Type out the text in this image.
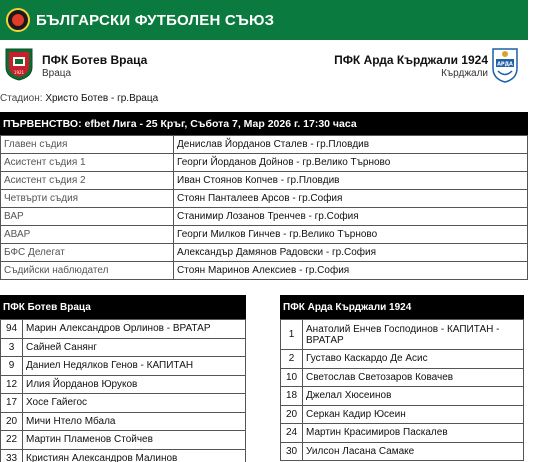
БЪЛГАРСКИ ФУТБОЛЕН СЪЮЗ
1921
ПФК Ботев Враца
Враца
ПФК Арда Кърджали 1924
Кърджали
АРДА
Стадион: Христо Ботев - гр.Враца
ПЪРВЕНСТВО:
efbet Лига - 25 Кръг, Събота 7, Мар 2026 г. 17:30 часа
Главен съдия	Денислав Йорданов Сталев - гр.Пловдив
Асистент съдия 1	Георги Йорданов Дойнов - гр.Велико Търново
Асистент съдия 2	Иван Стоянов Копчев - гр.Пловдив
Четвърти съдия	Стоян Панталеев Арсов - гр.София
ВАР	Станимир Лозанов Тренчев - гр.София
АВАР	Георги Милков Гинчев - гр.Велико Търново
БФС Делегат	Александър Дамянов Радовски - гр.София
Съдийски наблюдател	Стоян Маринов Алексиев - гр.София
ПФК Ботев Враца
94	Марин Александров Орлинов - ВРАТАР
3	Сайней Санянг
9	Даниел Недялков Генов - КАПИТАН
12	Илия Йорданов Юруков
17	Хосе Гайегос
20	Мичи Нтело Мбала
22	Мартин Пламенов Стойчев
33	Кристиян Александров Малинов
ПФК Арда Кърджали 1924
1	Анатолий Енчев Господинов - КАПИТАН - ВРАТАР
2	Густаво Каскардо Де Асис
10	Светослав Светозаров Ковачев
18	Джелал Хюсеинов
20	Серкан Кадир Юсеин
24	Мартин Красимиров Паскалев
30	Уилсон Ласана Самаке
